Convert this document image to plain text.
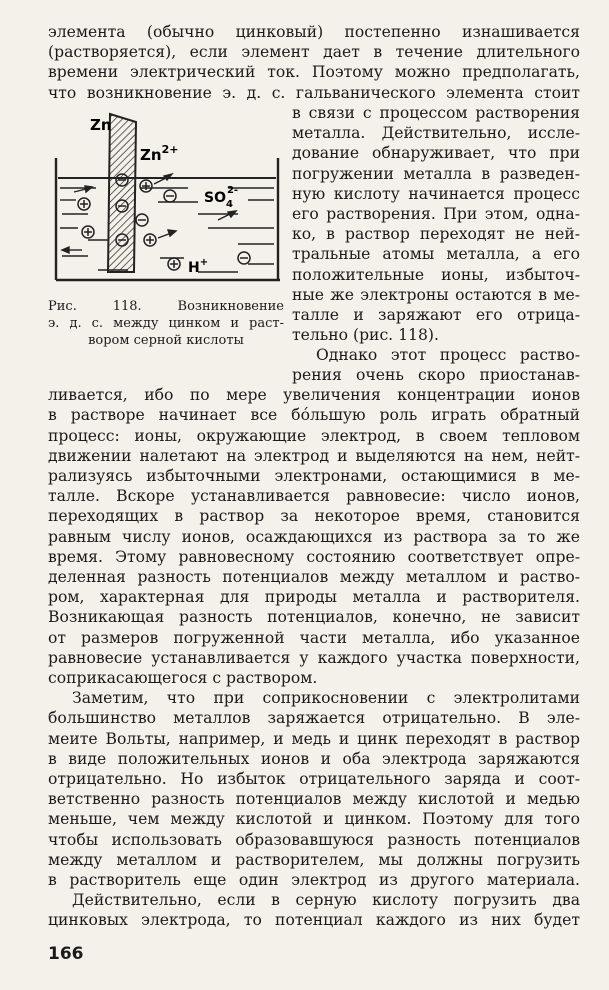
элемента (обычно цинковый) постепенно изнашивается
(растворяется), если элемент дает в течение длительного
времени электрический ток. Поэтому можно предполагать,
что возникновение э. д. с. гальванического элемента стоит
в связи с процессом растворения
металла. Действительно, иссле-
дование обнаруживает, что при
погружении металла в разведен-
ную кислоту начинается процесс
его растворения. При этом, одна-
ко, в раствор переходят не ней-
тральные атомы металла, а его
положительные ионы, избыточ-
ные же электроны остаются в ме-
талле и заряжают его отрица-
тельно (рис. 118).
Однако этот процесс раство-
Zn
$Zn^{2+}$
$SO_42-$
H+
Рис. 118. Возникновение
э. д. с. между цинком и раст-
вором серной кислоты
рения очень скоро приостанав-
ливается, ибо по мере увеличения концентрации ионов
в растворе начинает все бо́льшую роль играть обратный
процесс: ионы, окружающие электрод, в своем тепловом
движении налетают на электрод и выделяются на нем, нейт-
рализуясь избыточными электронами, остающимися в ме-
талле. Вскоре устанавливается равновесие: число ионов,
переходящих в раствор за некоторое время, становится
равным числу ионов, осаждающихся из раствора за то же
время. Этому равновесному состоянию соответствует опре-
деленная разность потенциалов между металлом и раство-
ром, характерная для природы металла и растворителя.
Возникающая разность потенциалов, конечно, не зависит
от размеров погруженной части металла, ибо указанное
равновесие устанавливается у каждого участка поверхности,
соприкасающегося с раствором.
Заметим, что при соприкосновении с электролитами
большинство металлов заряжается отрицательно. В эле-
меите Вольты, например, и медь и цинк переходят в раствор
в виде положительных ионов и оба электрода заряжаются
отрицательно. Но избыток отрицательного заряда и соот-
ветственно разность потенциалов между кислотой и медью
меньше, чем между кислотой и цинком. Поэтому для того
чтобы использовать образовавшуюся разность потенциалов
между металлом и растворителем, мы должны погрузить
в растворитель еще один электрод из другого материала.
Действительно, если в серную кислоту погрузить два
цинковых электрода, то потенциал каждого из них будет
166
